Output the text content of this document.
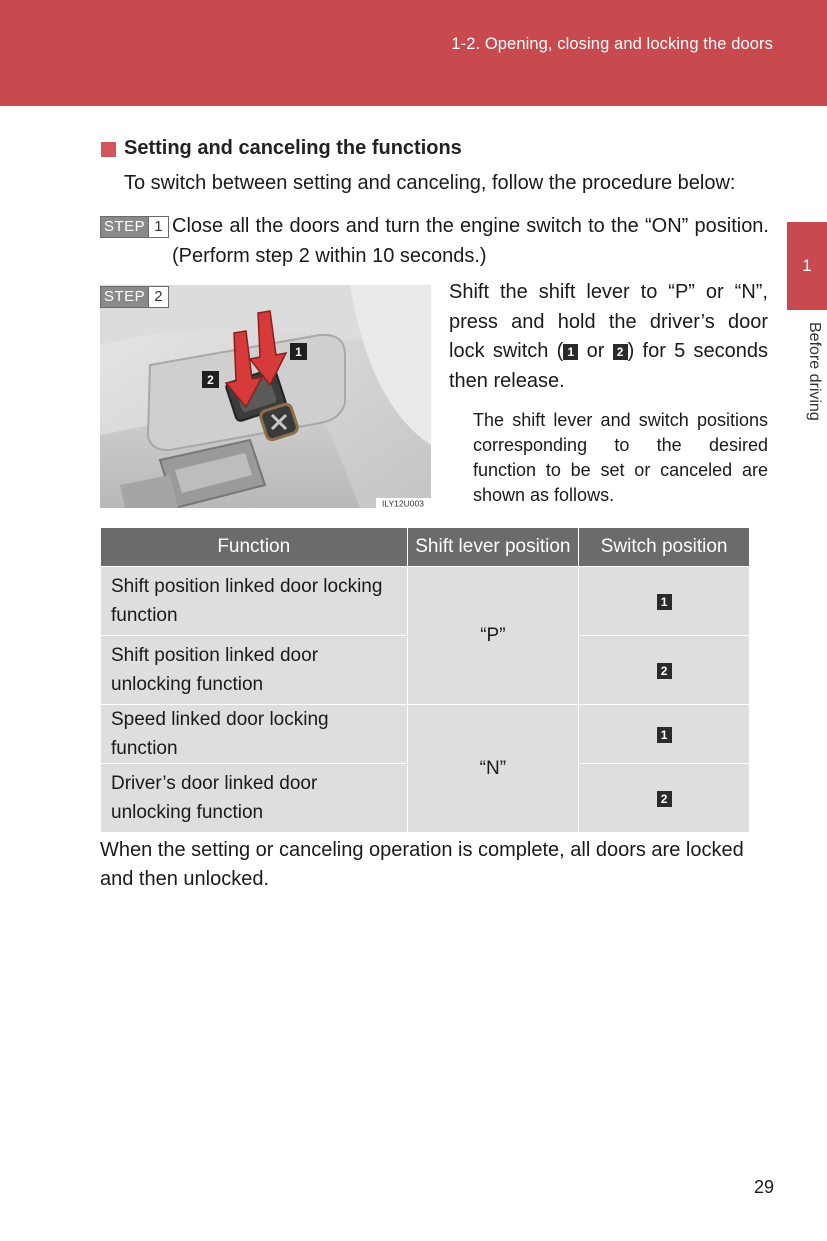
1-2. Opening, closing and locking the doors
1
Before driving
Setting and canceling the functions
To switch between setting and canceling, follow the procedure below:
STEP 1 Close all the doors and turn the engine switch to the “ON” position. (Perform step 2 within 10 seconds.)
1
2
ILY12U003
STEP 2	Shift the shift lever to “P” or “N”, press and hold the driver’s door lock switch ( 1 or 2 ) for 5 seconds then release.
The shift lever and switch positions corresponding to the desired function to be set or canceled are shown as follows.
Function	Shift lever position	Switch position
Shift position linked door locking function	“P”	1
Shift position linked door unlocking function		2
Speed linked door locking function	“N”	1
Driver’s door linked door unlocking function		2
When the setting or canceling operation is complete, all doors are locked and then unlocked.
29
